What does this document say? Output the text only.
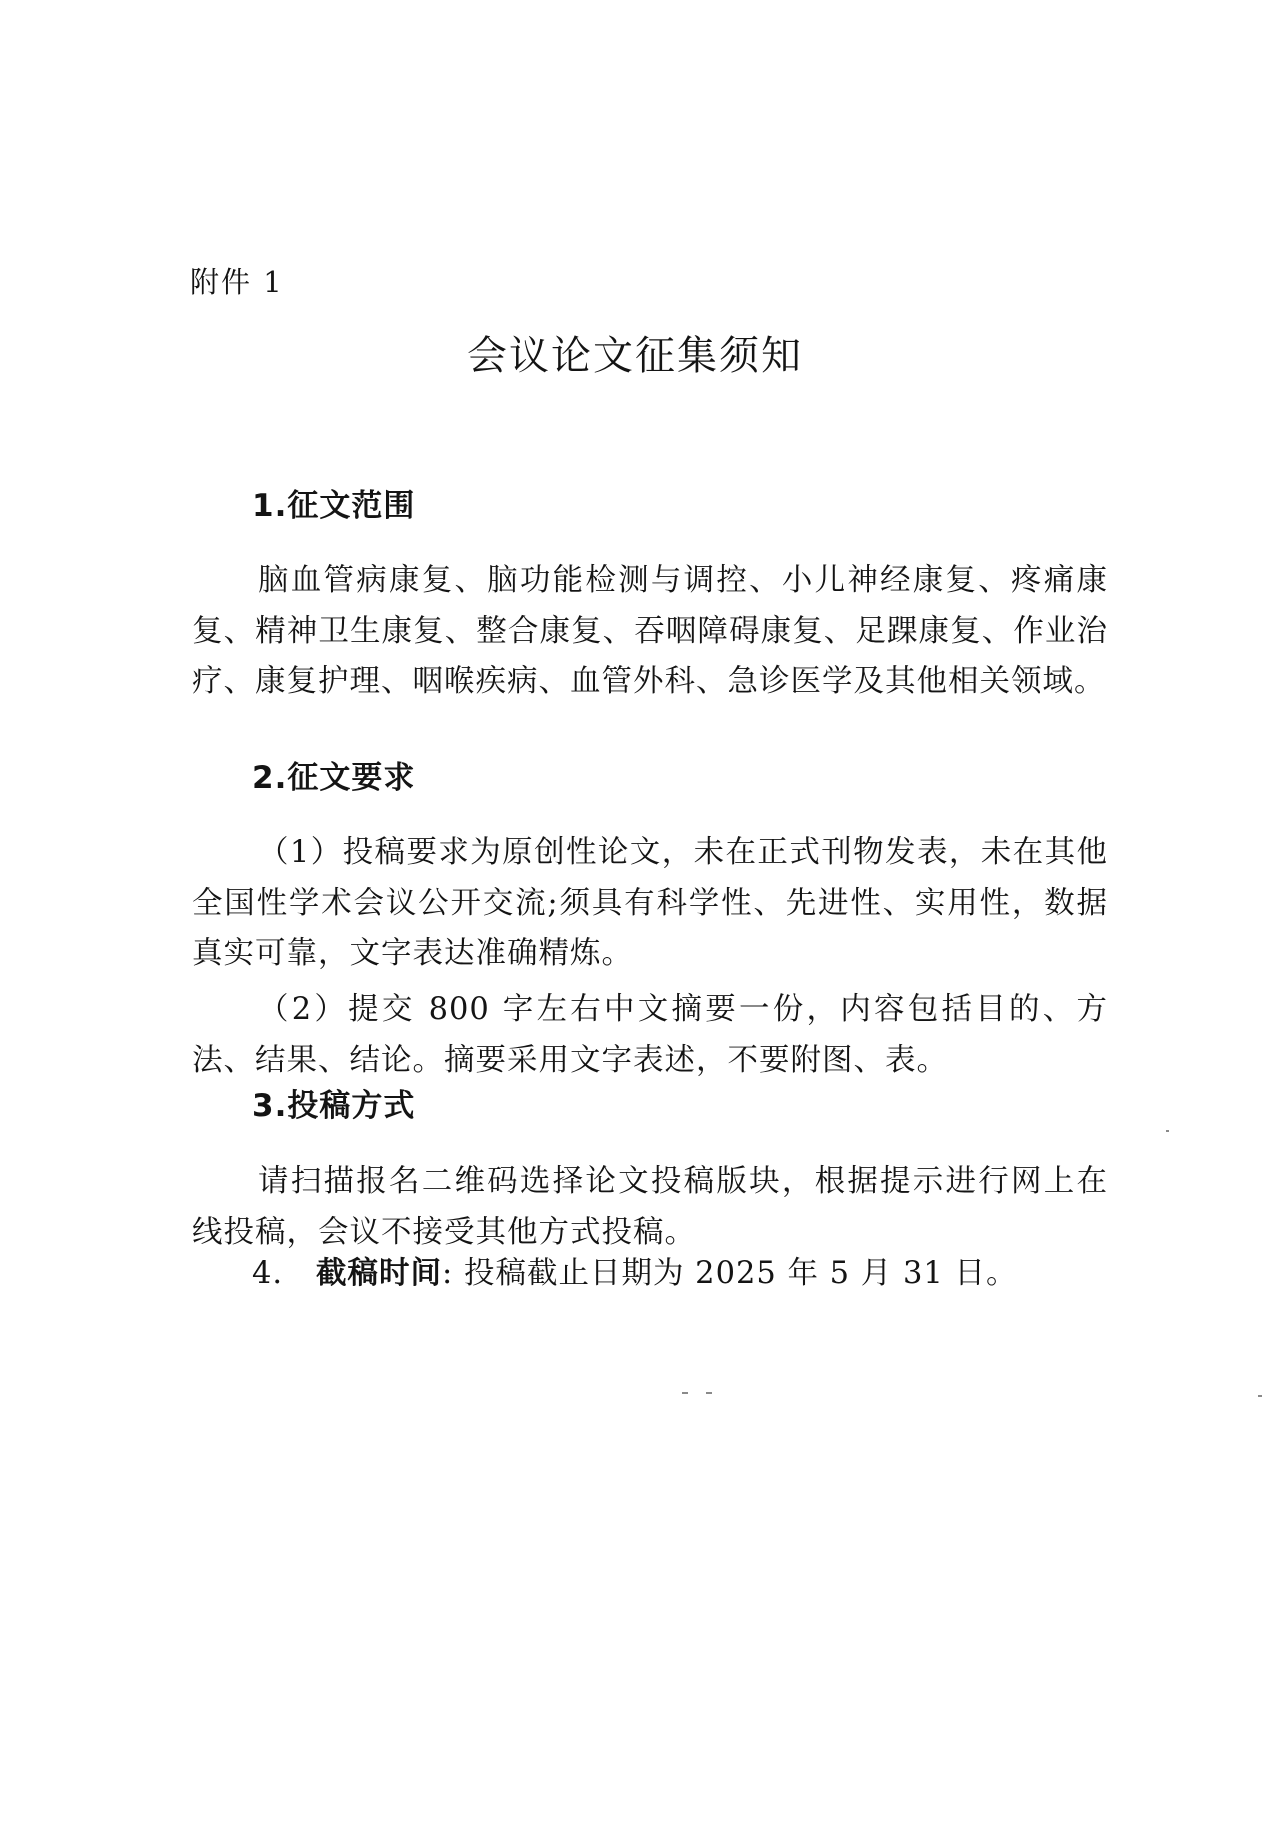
附件 1
会议论文征集须知
1.征文范围
脑血管病康复、脑功能检测与调控、小儿神经康复、疼痛康复、精神卫生康复、整合康复、吞咽障碍康复、足踝康复、作业治疗、康复护理、咽喉疾病、血管外科、急诊医学及其他相关领域。
2.征文要求
（1）投稿要求为原创性论文，未在正式刊物发表，未在其他全国性学术会议公开交流;须具有科学性、先进性、实用性，数据真实可靠，文字表达准确精炼。
（2）提交 800 字左右中文摘要一份，内容包括目的、方法、结果、结论。摘要采用文字表述，不要附图、表。
3.投稿方式
请扫描报名二维码选择论文投稿版块，根据提示进行网上在线投稿，会议不接受其他方式投稿。
4. 截稿时间: 投稿截止日期为 2025 年 5 月 31 日。
